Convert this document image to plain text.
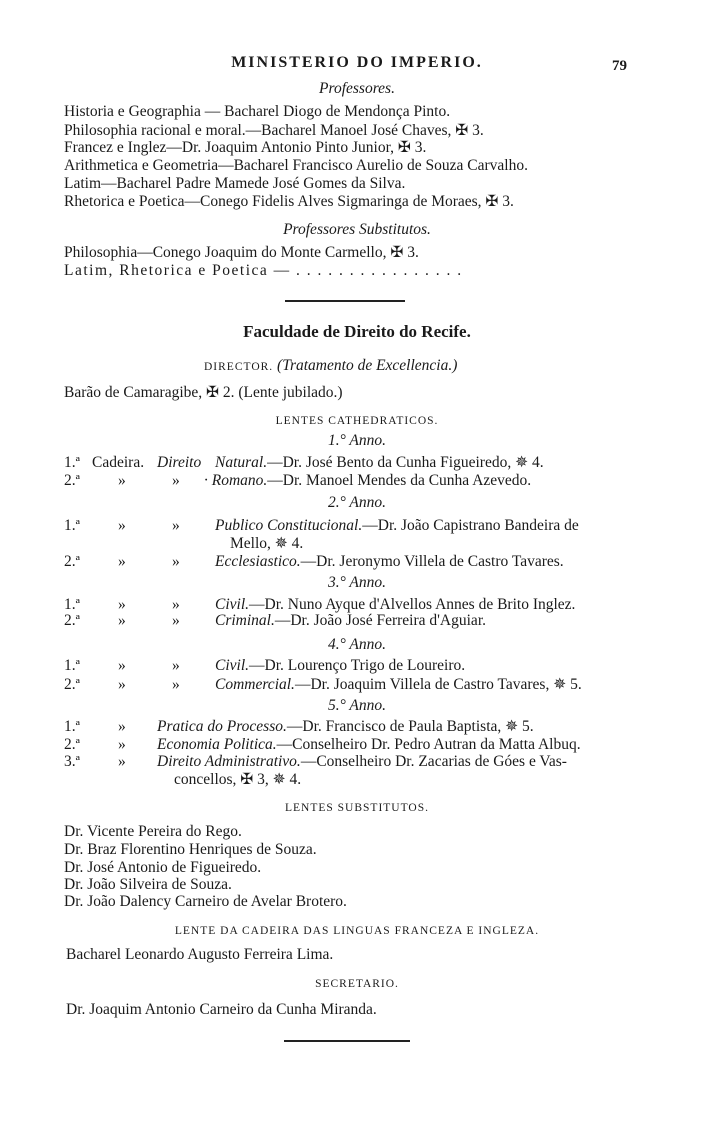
MINISTERIO DO IMPERIO.	79
Professores.
Historia e Geographia — Bacharel Diogo de Mendonça Pinto.
Philosophia racional e moral.—Bacharel Manoel José Chaves, ✠ 3.
Francez e Inglez—Dr. Joaquim Antonio Pinto Junior, ✠ 3.
Arithmetica e Geometria—Bacharel Francisco Aurelio de Souza Carvalho.
Latim—Bacharel Padre Mamede José Gomes da Silva.
Rhetorica e Poetica—Conego Fidelis Alves Sigmaringa de Moraes, ✠ 3.
Professores Substitutos.
Philosophia—Conego Joaquim do Monte Carmello, ✠ 3.
Latim, Rhetorica e Poetica — . . . . . . . . . . . . . . . .
Faculdade de Direito do Recife.
DIRECTOR. (Tratamento de Excellencia.)
Barão de Camaragibe, ✠ 2. (Lente jubilado.)
LENTES CATHEDRATICOS.
1.° Anno.
1.ª Cadeira. Direito Natural.—Dr. José Bento da Cunha Figueiredo, ✵ 4.
2.ª »	» · Romano.—Dr. Manoel Mendes da Cunha Azevedo.
2.° Anno.
1.ª »	» Publico Constitucional.—Dr. João Capistrano Bandeira de
Mello, ✵ 4.
2.ª »	» Ecclesiastico.—Dr. Jeronymo Villela de Castro Tavares.
3.° Anno.
1.ª »	» Civil.—Dr. Nuno Ayque d'Alvellos Annes de Brito Inglez.
2.ª »	» Criminal.—Dr. João José Ferreira d'Aguiar.
4.° Anno.
1.ª »	» Civil.—Dr. Lourenço Trigo de Loureiro.
2.ª »	» Commercial.—Dr. Joaquim Villela de Castro Tavares, ✵ 5.
5.° Anno.
1.ª » Pratica do Processo.—Dr. Francisco de Paula Baptista, ✵ 5.
2.ª » Economia Politica.—Conselheiro Dr. Pedro Autran da Matta Albuq.
3.ª » Direito Administrativo.—Conselheiro Dr. Zacarias de Góes e Vas-
concellos, ✠ 3, ✵ 4.
LENTES SUBSTITUTOS.
Dr. Vicente Pereira do Rego.
Dr. Braz Florentino Henriques de Souza.
Dr. José Antonio de Figueiredo.
Dr. João Silveira de Souza.
Dr. João Dalency Carneiro de Avelar Brotero.
LENTE DA CADEIRA DAS LINGUAS FRANCEZA E INGLEZA.
Bacharel Leonardo Augusto Ferreira Lima.
SECRETARIO.
Dr. Joaquim Antonio Carneiro da Cunha Miranda.
